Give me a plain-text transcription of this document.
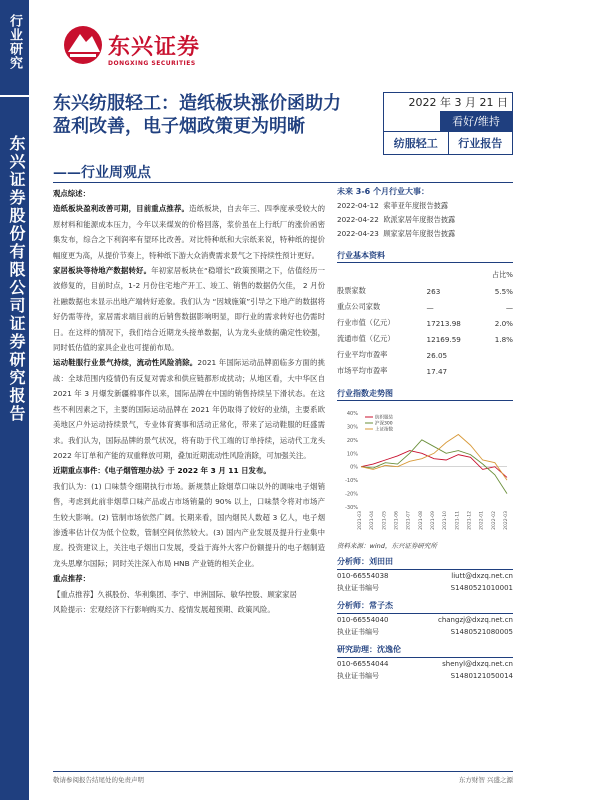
行业研究
东兴证券股份有限公司证券研究报告
东兴证券
DONGXING SECURITIES
东兴纺服轻工：造纸板块涨价函助力盈利改善，电子烟政策更为明晰
——行业周观点
2022 年 3 月 21 日
看好/维持
纺服轻工	行业报告

观点综述：

造纸板块盈利改善可期，目前重点推荐。造纸板块，自去年三、四季度承受较大的原材料和能源成本压力，今年以来煤炭的价格回落，浆价虽在上行纸厂的涨价函密集发布，综合之下利润率有望环比改善。对比特种纸和大宗纸来说，特种纸的提价幅度更为高，从提价节奏上，特种纸下游大众消费需求景气之下持续性预计更好。

家居板块等待地产数据转好。年初家居板块在“稳增长”政策预期之下，估值经历一波修复的，目前时点，1-2 月份住宅地产开工、竣工、销售的数据仍欠佳， 2 月份社融数据也未显示出地产端转好迹象。我们认为 “因城施策”引导之下地产的数据将好仍需等待，家居需求端目前的后销售数据影响明显，即行业的需求转好也仍需时日。在这样的情况下，我们结合近期龙头接单数据，认为龙头业绩的确定性较强，同时低估值的家具企业也可提前布局。

运动鞋服行业景气持续，流动性风险消除。2021 年国际运动品牌面临多方面的挑战：全球范围内疫情仍有反复对需求和供应链都形成扰动；从地区看，大中华区自 2021 年 3 月爆发新疆棉事件以来，国际品牌在中国的销售持续呈下滑状态。在这些不利因素之下，主要的国际运动品牌在 2021 年仍取得了较好的业绩，主要系欧美地区户外运动持续景气，专业体育赛事和活动正常化，带来了运动鞋服的旺盛需求。我们认为，国际品牌的景气状况，将有助于代工端的订单持续，运动代工龙头 2022 年订单和产能的双重释放可期，叠加近期流动性风险消除，可加强关注。

近期重点事件：《电子烟管理办法》于 2022 年 3 月 11 日发布。

我们认为：(1) 口味禁令细期执行市场。新规禁止除烟草口味以外的调味电子烟销售，考虑到此前非烟草口味产品或占市场销量的 90% 以上，口味禁令将对市场产生较大影响。(2) 管制市场依然广阔。长期来看，国内烟民人数超 3 亿人，电子烟渗透率估计仅为低个位数，管制空间依然较大。(3) 国内产业发展及提升行业集中度。投资建议上，关注电子烟出口发展，受益于海外大客户份额提升的电子烟制造龙头思摩尔国际；同时关注深入布局 HNB 产业链的相关企业。

重点推荐：

【重点推荐】久祺股份、华利集团、李宁、申洲国际、敏华控股、顾家家居

风险提示：宏观经济下行影响购买力、疫情发展超预期、政策风险。

未来 3-6 个月行业大事：
2022-04-12 索菲亚年度报告披露
2022-04-22 欧派家居年度报告披露
2022-04-23 顾家家居年度报告披露
行业基本资料
		占比%
股票家数	263	5.5%
重点公司家数	—	—
行业市值（亿元）	17213.98	2.0%
流通市值（亿元）	12169.59	1.8%
行业平均市盈率	26.05	
市场平均市盈率	17.47	
行业指数走势图
40%
30%
20%
10%
0%
-10%
-20%
-30%
2021-03 2021-04 2021-05 2021-06 2021-07 2021-08 2021-09 2021-10 2021-11 2021-12 2022-01 2022-02 2022-03
纺织服装
沪深300
上证指数
资料来源：wind，东兴证券研究所
分析师：刘田田
010-66554038	liutt@dxzq.net.cn
执业证书编号	S1480521010001
分析师：常子杰
010-66554040	changzj@dxzq.net.cn
执业证书编号	S1480521080005
研究助理：沈逸伦
010-66554044	shenyl@dxzq.net.cn
执业证书编号	S1480121050014
敬请参阅报告结尾处的免责声明	东方财智 兴盛之源
